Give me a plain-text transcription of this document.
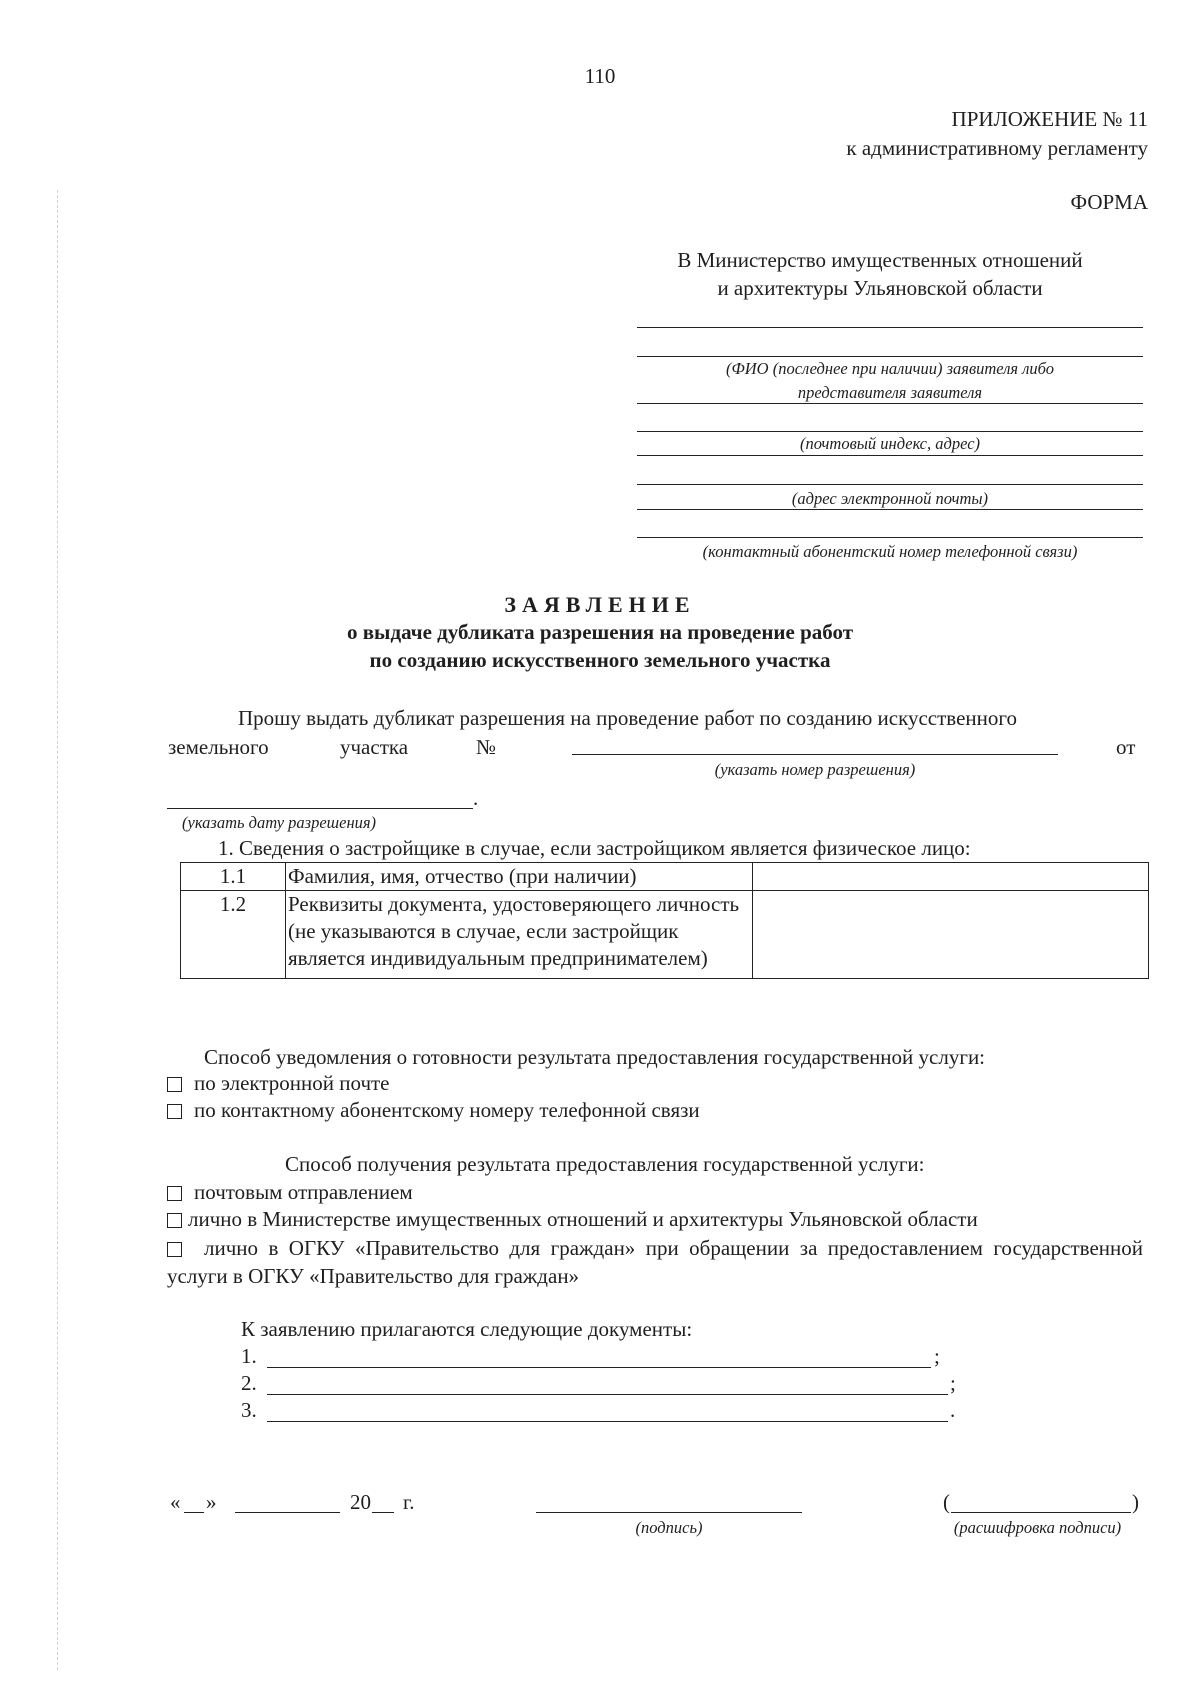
110
ПРИЛОЖЕНИЕ № 11
к административному регламенту
ФОРМА
В Министерство имущественных отношений
и архитектуры Ульяновской области
(ФИО (последнее при наличии) заявителя либо
представителя заявителя
(почтовый индекс, адрес)
(адрес электронной почты)
(контактный абонентский номер телефонной связи)
ЗАЯВЛЕНИЕ
о выдаче дубликата разрешения на проведение работ
по созданию искусственного земельного участка
Прошу выдать дубликат разрешения на проведение работ по созданию искусственного
земельного	участка	№	от
(указать номер разрешения)
.
(указать дату разрешения)
1. Сведения о застройщике в случае, если застройщиком является физическое лицо:
1.1	Фамилия, имя, отчество (при наличии)	
1.2	Реквизиты документа, удостоверяющего личность (не указываются в случае, если застройщик является индивидуальным предпринимателем)	
Способ уведомления о готовности результата предоставления государственной услуги:
по электронной почте
по контактному абонентскому номеру телефонной связи
Способ получения результата предоставления государственной услуги:
почтовым отправлением
лично в Министерстве имущественных отношений и архитектуры Ульяновской области
лично в ОГКУ «Правительство для граждан» при обращении за предоставлением государственной услуги в ОГКУ «Правительство для граждан»
К заявлению прилагаются следующие документы:
1.	;
2.	;
3.	.
« »	20 г.
(подпись)
(	)
(расшифровка подписи)
